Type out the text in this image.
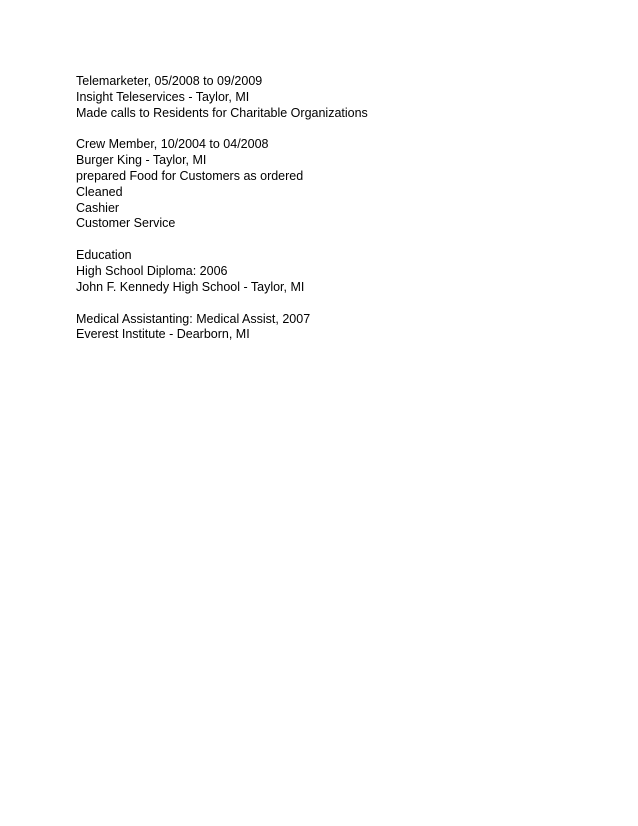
Telemarketer, 05/2008 to 09/2009
Insight Teleservices - Taylor, MI
Made calls to Residents for Charitable Organizations
Crew Member, 10/2004 to 04/2008
Burger King - Taylor, MI
prepared Food for Customers as ordered
Cleaned
Cashier
Customer Service
Education
High School Diploma: 2006
John F. Kennedy High School - Taylor, MI
Medical Assistanting: Medical Assist, 2007
Everest Institute - Dearborn, MI
